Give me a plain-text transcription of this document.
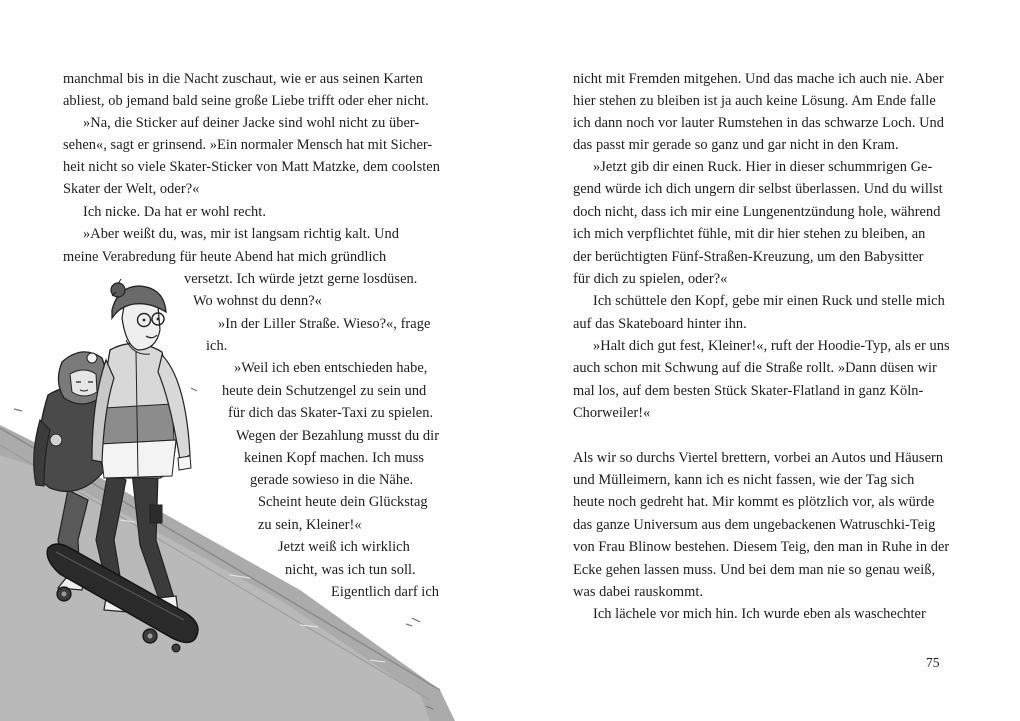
manchmal bis in die Nacht zuschaut, wie er aus seinen Karten
abliest, ob jemand bald seine große Liebe trifft oder eher nicht.
»Na, die Sticker auf deiner Jacke sind wohl nicht zu über-
sehen«, sagt er grinsend. »Ein normaler Mensch hat mit Sicher-
heit nicht so viele Skater-Sticker von Matt Matzke, dem coolsten
Skater der Welt, oder?«
Ich nicke. Da hat er wohl recht.
»Aber weißt du, was, mir ist langsam richtig kalt. Und
meine Verabredung für heute Abend hat mich gründlich
versetzt. Ich würde jetzt gerne losdüsen.
Wo wohnst du denn?«
»In der Liller Straße. Wieso?«, frage
ich.
»Weil ich eben entschieden habe,
heute dein Schutzengel zu sein und
für dich das Skater-Taxi zu spielen.
Wegen der Bezahlung musst du dir
keinen Kopf machen. Ich muss
gerade sowieso in die Nähe.
Scheint heute dein Glückstag
zu sein, Kleiner!«
Jetzt weiß ich wirklich
nicht, was ich tun soll.
Eigentlich darf ich
nicht mit Fremden mitgehen. Und das mache ich auch nie. Aber
hier stehen zu bleiben ist ja auch keine Lösung. Am Ende falle
ich dann noch vor lauter Rumstehen in das schwarze Loch. Und
das passt mir gerade so ganz und gar nicht in den Kram.
»Jetzt gib dir einen Ruck. Hier in dieser schummrigen Ge-
gend würde ich dich ungern dir selbst überlassen. Und du willst
doch nicht, dass ich mir eine Lungenentzündung hole, während
ich mich verpflichtet fühle, mit dir hier stehen zu bleiben, an
der berüchtigten Fünf-Straßen-Kreuzung, um den Babysitter
für dich zu spielen, oder?«
Ich schüttele den Kopf, gebe mir einen Ruck und stelle mich
auf das Skateboard hinter ihn.
»Halt dich gut fest, Kleiner!«, ruft der Hoodie-Typ, als er uns
auch schon mit Schwung auf die Straße rollt. »Dann düsen wir
mal los, auf dem besten Stück Skater-Flatland in ganz Köln-
Chorweiler!«
Als wir so durchs Viertel brettern, vorbei an Autos und Häusern
und Mülleimern, kann ich es nicht fassen, wie der Tag sich
heute noch gedreht hat. Mir kommt es plötzlich vor, als würde
das ganze Universum aus dem ungebackenen Watruschki-Teig
von Frau Blinow bestehen. Diesem Teig, den man in Ruhe in der
Ecke gehen lassen muss. Und bei dem man nie so genau weiß,
was dabei rauskommt.
Ich lächele vor mich hin. Ich wurde eben als waschechter
75
